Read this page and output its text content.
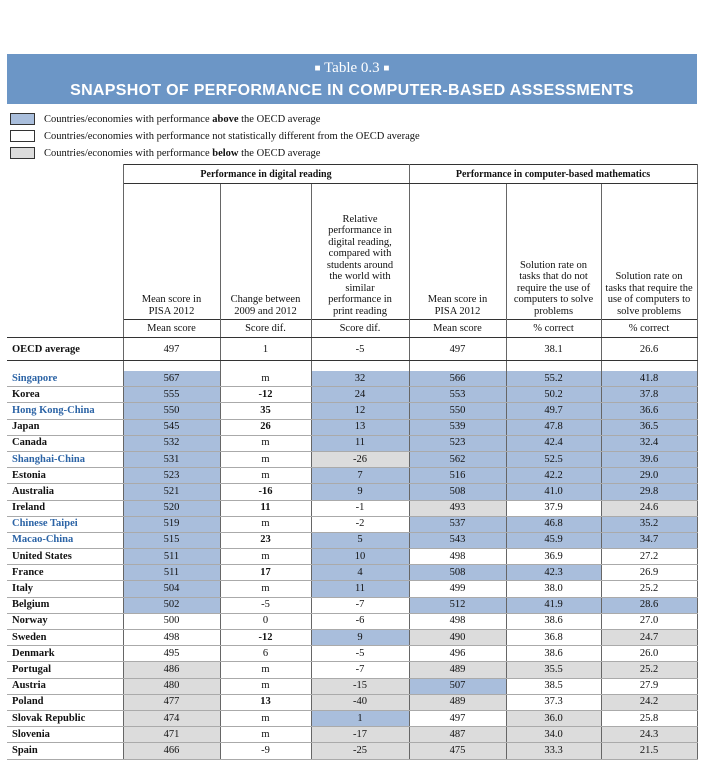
■ Table 0.3 ■
SNAPSHOT OF PERFORMANCE IN COMPUTER-BASED ASSESSMENTS
Countries/economies with performance above the OECD average
Countries/economies with performance not statistically different from the OECD average
Countries/economies with performance below the OECD average
	Performance in digital reading			Performance in computer-based mathematics		
	Mean score in PISA 2012	Change between 2009 and 2012	Relative performance in digital reading, compared with students around the world with similar performance in print reading	Mean score in PISA 2012	Solution rate on tasks that do not require the use of computers to solve problems	Solution rate on tasks that require the use of computers to solve problems
	Mean score	Score dif.	Score dif.	Mean score	% correct	% correct
OECD average	497	1	-5	497	38.1	26.6

Singapore	567	m	32	566	55.2	41.8
Korea	555	-12	24	553	50.2	37.8
Hong Kong-China	550	35	12	550	49.7	36.6
Japan	545	26	13	539	47.8	36.5
Canada	532	m	11	523	42.4	32.4
Shanghai-China	531	m	-26	562	52.5	39.6
Estonia	523	m	7	516	42.2	29.0
Australia	521	-16	9	508	41.0	29.8
Ireland	520	11	-1	493	37.9	24.6
Chinese Taipei	519	m	-2	537	46.8	35.2
Macao-China	515	23	5	543	45.9	34.7
United States	511	m	10	498	36.9	27.2
France	511	17	4	508	42.3	26.9
Italy	504	m	11	499	38.0	25.2
Belgium	502	-5	-7	512	41.9	28.6
Norway	500	0	-6	498	38.6	27.0
Sweden	498	-12	9	490	36.8	24.7
Denmark	495	6	-5	496	38.6	26.0
Portugal	486	m	-7	489	35.5	25.2
Austria	480	m	-15	507	38.5	27.9
Poland	477	13	-40	489	37.3	24.2
Slovak Republic	474	m	1	497	36.0	25.8
Slovenia	471	m	-17	487	34.0	24.3
Spain	466	-9	-25	475	33.3	21.5
